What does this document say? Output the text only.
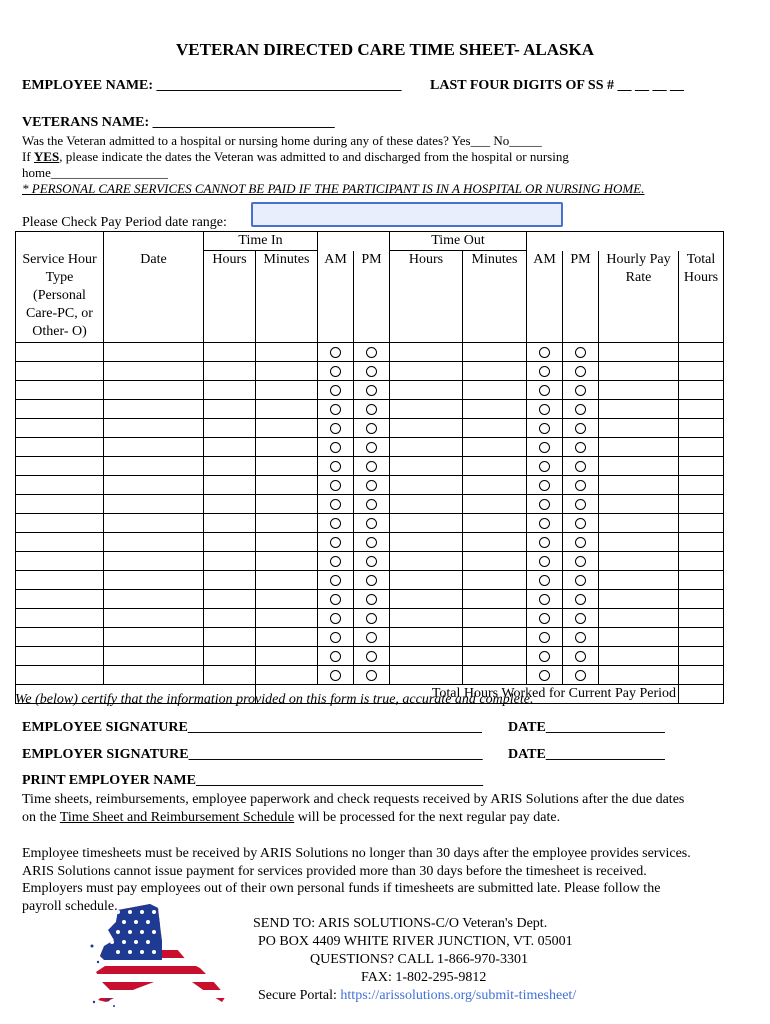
VETERAN DIRECTED CARE TIME SHEET- ALASKA
EMPLOYEE NAME: ___________________________________ LAST FOUR DIGITS OF SS # __ __ __ __
VETERANS NAME: __________________________
Was the Veteran admitted to a hospital or nursing home during any of these dates? Yes___ No_____
If YES, please indicate the dates the Veteran was admitted to and discharged from the hospital or nursing
home__________________
* PERSONAL CARE SERVICES CANNOT BE PAID IF THE PARTICIPANT IS IN A HOSPITAL OR NURSING HOME.
Please Check Pay Period date range:
		Time In				Time Out					
Service Hour Type (Personal Care-PC, or Other- O)	Date	Hours	Minutes	AM	PM	Hours	Minutes	AM	PM	Hourly Pay Rate	Total Hours

			Total Hours Worked for Current Pay Period								
We (below) certify that the information provided on this form is true, accurate and complete.
EMPLOYEE SIGNATURE__________________________________________ DATE_________________
EMPLOYER SIGNATURE__________________________________________ DATE_________________
PRINT EMPLOYER NAME_________________________________________
Time sheets, reimbursements, employee paperwork and check requests received by ARIS Solutions after the due dates
on the Time Sheet and Reimbursement Schedule will be processed for the next regular pay date.
Employee timesheets must be received by ARIS Solutions no longer than 30 days after the employee provides services.
ARIS Solutions cannot issue payment for services provided more than 30 days before the timesheet is received.
Employers must pay employees out of their own personal funds if timesheets are submitted late. Please follow the
payroll schedule.
SEND TO: ARIS SOLUTIONS-C/O Veteran's Dept.
PO BOX 4409 WHITE RIVER JUNCTION, VT. 05001
QUESTIONS? CALL 1-866-970-3301
FAX: 1-802-295-9812
Secure Portal: https://arissolutions.org/submit-timesheet/
